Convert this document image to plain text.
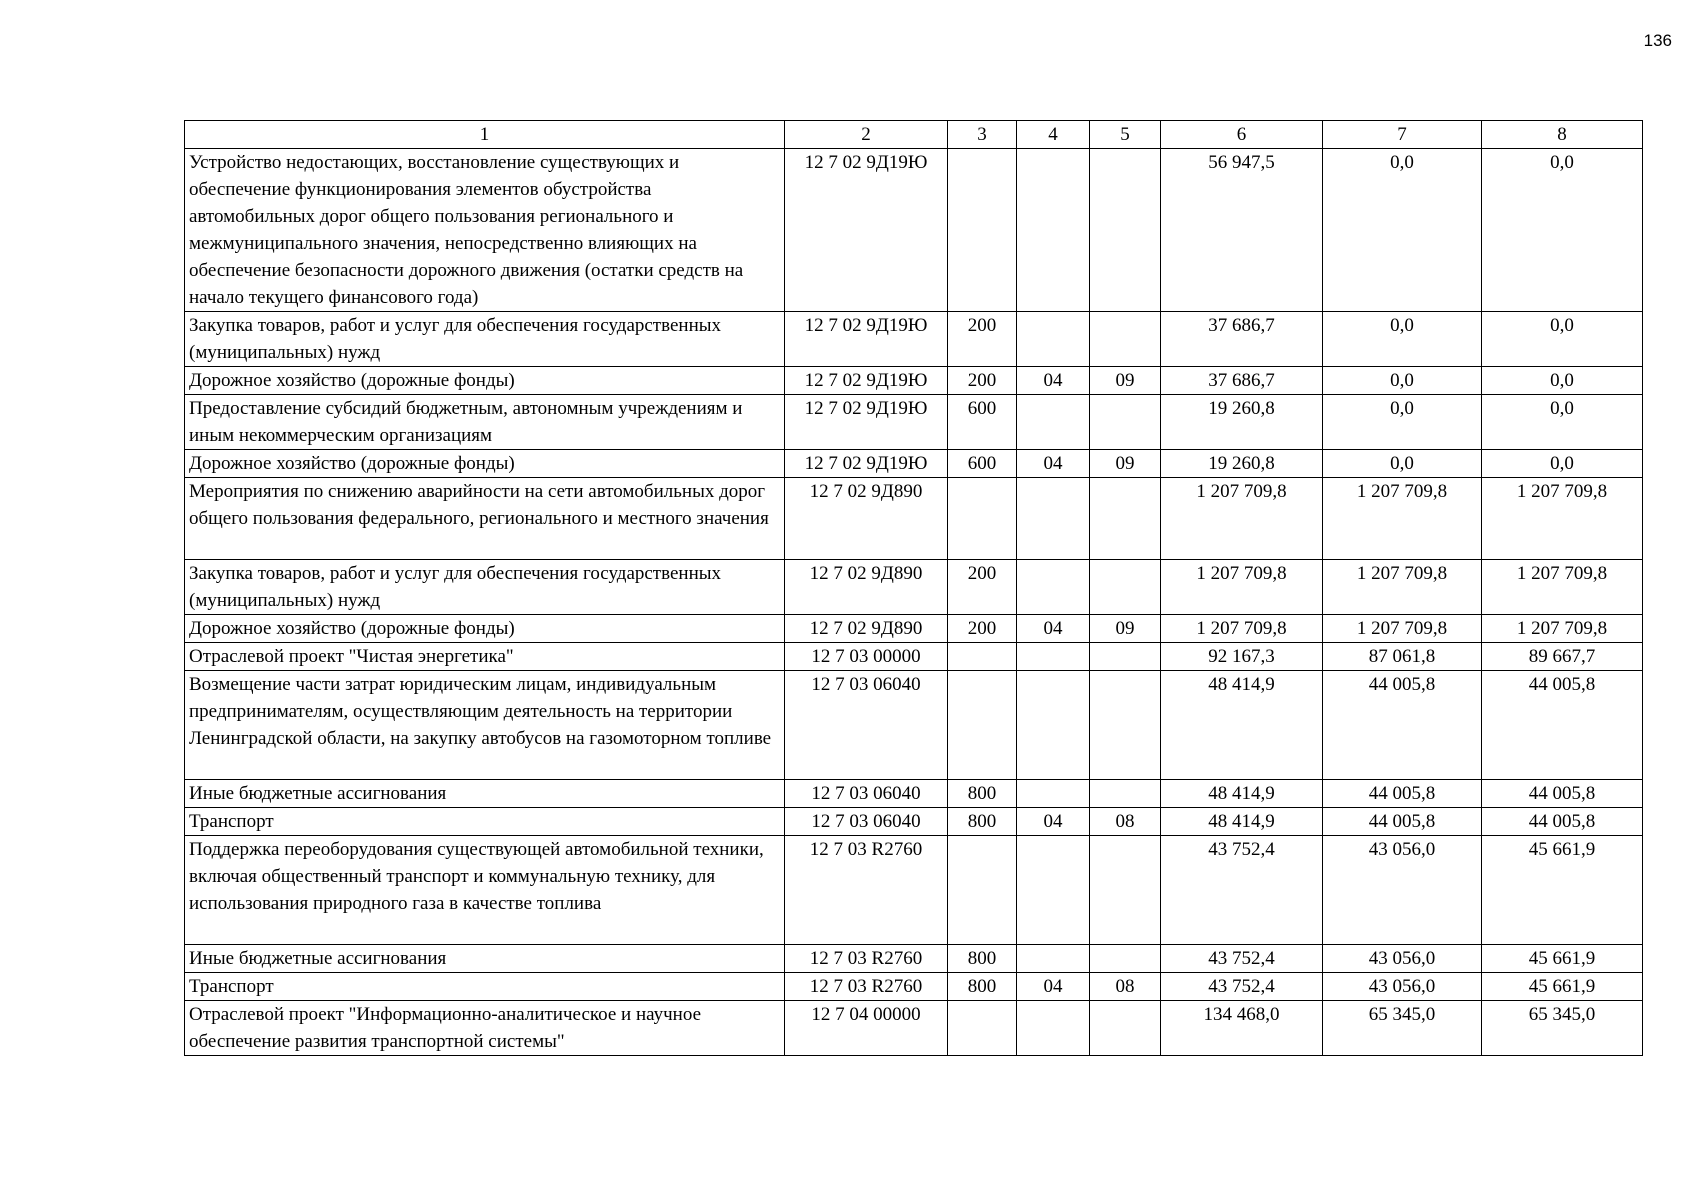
136
1	2	3	4	5	6	7	8
Устройство недостающих, восстановление существующих и обеспечение функционирования элементов обустройства автомобильных дорог общего пользования регионального и межмуниципального значения, непосредственно влияющих на обеспечение безопасности дорожного движения (остатки средств на начало текущего финансового года)	12 7 02 9Д19Ю				56 947,5	0,0	0,0
Закупка товаров, работ и услуг для обеспечения государственных (муниципальных) нужд	12 7 02 9Д19Ю	200			37 686,7	0,0	0,0
Дорожное хозяйство (дорожные фонды)	12 7 02 9Д19Ю	200	04	09	37 686,7	0,0	0,0
Предоставление субсидий бюджетным, автономным учреждениям и иным некоммерческим организациям	12 7 02 9Д19Ю	600			19 260,8	0,0	0,0
Дорожное хозяйство (дорожные фонды)	12 7 02 9Д19Ю	600	04	09	19 260,8	0,0	0,0
Мероприятия по снижению аварийности на сети автомобильных дорог общего пользования федерального, регионального и местного значения	12 7 02 9Д890				1 207 709,8	1 207 709,8	1 207 709,8
Закупка товаров, работ и услуг для обеспечения государственных (муниципальных) нужд	12 7 02 9Д890	200			1 207 709,8	1 207 709,8	1 207 709,8
Дорожное хозяйство (дорожные фонды)	12 7 02 9Д890	200	04	09	1 207 709,8	1 207 709,8	1 207 709,8
Отраслевой проект "Чистая энергетика"	12 7 03 00000				92 167,3	87 061,8	89 667,7
Возмещение части затрат юридическим лицам, индивидуальным предпринимателям, осуществляющим деятельность на территории Ленинградской области, на закупку автобусов на газомоторном топливе	12 7 03 06040				48 414,9	44 005,8	44 005,8
Иные бюджетные ассигнования	12 7 03 06040	800			48 414,9	44 005,8	44 005,8
Транспорт	12 7 03 06040	800	04	08	48 414,9	44 005,8	44 005,8
Поддержка переоборудования существующей автомобильной техники, включая общественный транспорт и коммунальную технику, для использования природного газа в качестве топлива	12 7 03 R2760				43 752,4	43 056,0	45 661,9
Иные бюджетные ассигнования	12 7 03 R2760	800			43 752,4	43 056,0	45 661,9
Транспорт	12 7 03 R2760	800	04	08	43 752,4	43 056,0	45 661,9
Отраслевой проект "Информационно-аналитическое и научное обеспечение развития транспортной системы"	12 7 04 00000				134 468,0	65 345,0	65 345,0
